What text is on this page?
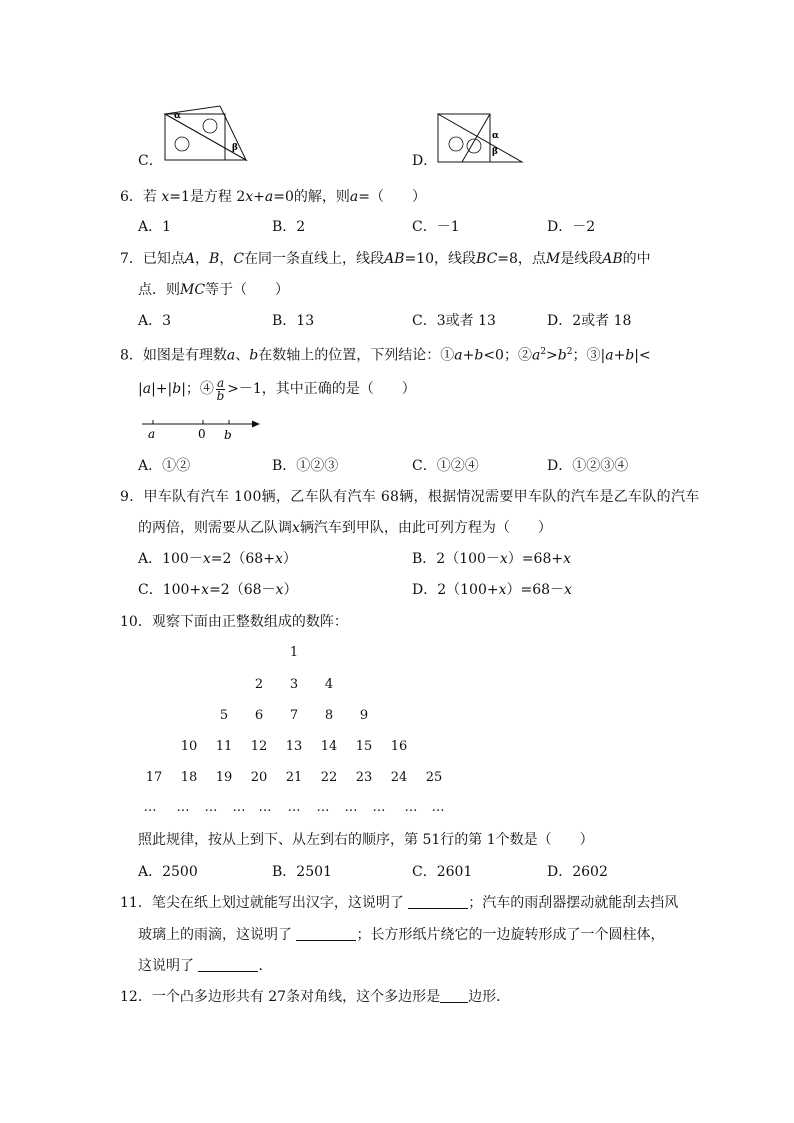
C．
α
β
D．
α
β
6．若 x=1是方程 2x+a=0的解，则a=（　　）
A．1	B．2	C．－1	D．－2
7．已知点A，B，C在同一条直线上，线段AB=10，线段BC=8，点M是线段AB的中
点．则MC等于（　　）
A．3	B．13	C．3或者 13	D．2或者 18
8．如图是有理数a、b在数轴上的位置，下列结论：①a+b<0；$②a^2>b^2$；③|a+b|<
|a|+|b|；④ $\frac{a}{b} >-1$，其中正确的是（　　）
a	0 b
A．①②	B．①②③	C．①②④	D．①②③④
9．甲车队有汽车 100辆，乙车队有汽车 68辆，根据情况需要甲车队的汽车是乙车队的汽车
的两倍，则需要从乙队调x辆汽车到甲队，由此可列方程为（　　）
A．100－x=2（68+x）	B．2（100－x）=68+x
C．100+x=2（68－x）	D．2（100+x）=68－x
10．观察下面由正整数组成的数阵：
1
2	3	4
5	6	7	8	9
10	11	12	13	14	15	16
17	18	19	20	21	22	23	24	25
…	…	…	…	…	…	…	…	…	…	…
照此规律，按从上到下、从左到右的顺序，第 51行的第 1个数是（　　）
A．2500	B．2501	C．2601	D．2602
11．笔尖在纸上划过就能写出汉字，这说明了	；汽车的雨刮器摆动就能刮去挡风
玻璃上的雨滴，这说明了	；长方形纸片绕它的一边旋转形成了一个圆柱体，
这说明了	．
12．一个凸多边形共有 27条对角线，这个多边形是 边形．
